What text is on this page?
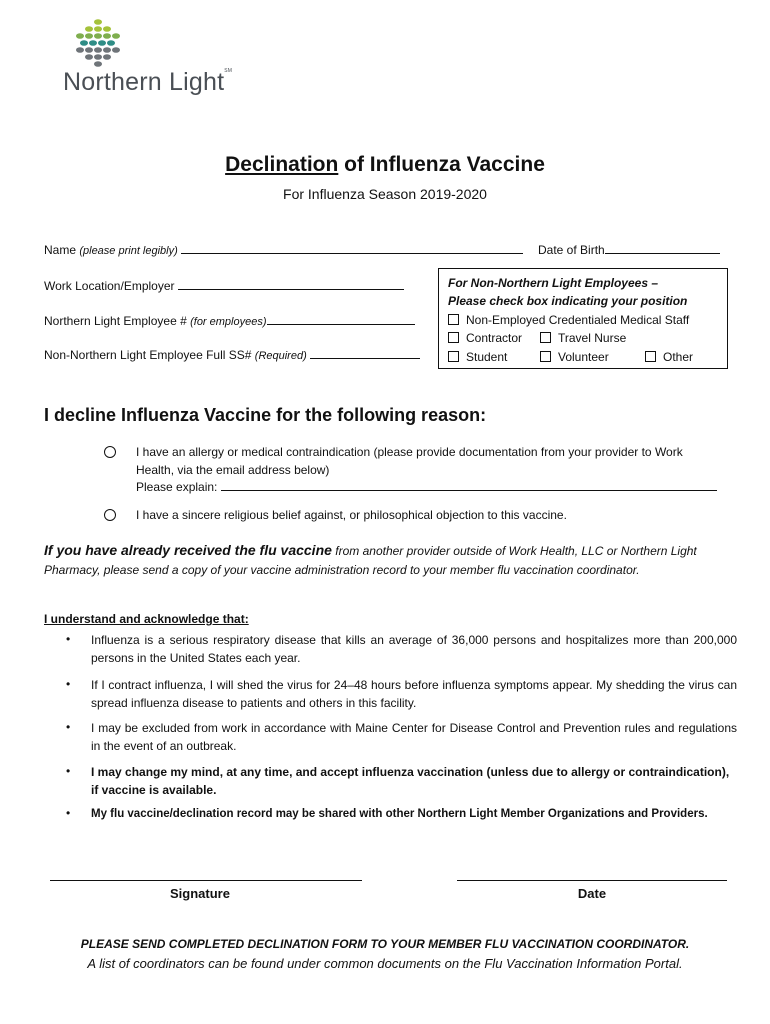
Northern Light℠
Declination of Influenza Vaccine
For Influenza Season 2019-2020
Name (please print legibly)	Date of Birth
Work Location/Employer
Northern Light Employee # (for employees)
Non-Northern Light Employee Full SS# (Required)
For Non-Northern Light Employees –
Please check box indicating your position
Non-Employed Credentialed Medical Staff
Contractor	Travel Nurse
Student	Volunteer	Other
I decline Influenza Vaccine for the following reason:
I have an allergy or medical contraindication (please provide documentation from your provider to Work
Health, via the email address below)
Please explain:
I have a sincere religious belief against, or philosophical objection to this vaccine.
If you have already received the flu vaccine from another provider outside of Work Health, LLC or Northern Light
Pharmacy, please send a copy of your vaccine administration record to your member flu vaccination coordinator.
I understand and acknowledge that:
• Influenza is a serious respiratory disease that kills an average of 36,000 persons and hospitalizes more than 200,000 persons in the United States each year.
• If I contract influenza, I will shed the virus for 24–48 hours before influenza symptoms appear. My shedding the virus can spread influenza disease to patients and others in this facility.
• I may be excluded from work in accordance with Maine Center for Disease Control and Prevention rules and regulations in the event of an outbreak.
• I may change my mind, at any time, and accept influenza vaccination (unless due to allergy or contraindication), if vaccine is available.
• My flu vaccine/declination record may be shared with other Northern Light Member Organizations and Providers.
Signature	Date
PLEASE SEND COMPLETED DECLINATION FORM TO YOUR MEMBER FLU VACCINATION COORDINATOR.
A list of coordinators can be found under common documents on the Flu Vaccination Information Portal.
